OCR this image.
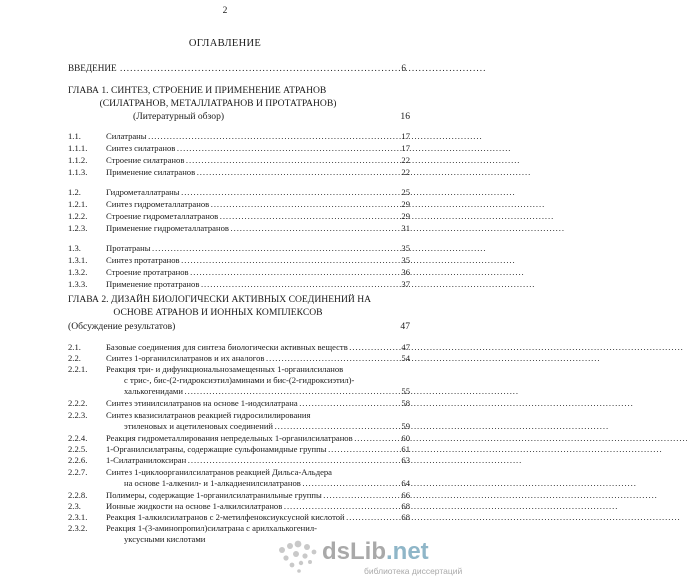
2
ОГЛАВЛЕНИЕ
ВВЕДЕНИЕ . . .	6
ГЛАВА 1. СИНТЕЗ, СТРОЕНИЕ И ПРИМЕНЕНИЕ АТРАНОВ
(СИЛАТРАНОВ, МЕТАЛЛАТРАНОВ И ПРОТАТРАНОВ)
(Литературный обзор)	16
1.1.	Силатраны . . .	17
1.1.1. Синтез силатранов . . .	17
1.1.2. Строение силатранов . . .	22
1.1.3. Применение силатранов . . .	22
1.2.	Гидрометаллатраны . . .	25
1.2.1. Синтез гидрометаллатранов . . .	29
1.2.2. Строение гидрометаллатранов . . .	29
1.2.3. Применение гидрометаллатранов . . .	31
1.3.	Протатраны . . .	35
1.3.1. Синтез протатранов . . .	35
1.3.2. Строение протатранов . . .	36
1.3.3. Применение протатранов . . .	37
ГЛАВА 2. ДИЗАЙН БИОЛОГИЧЕСКИ АКТИВНЫХ СОЕДИНЕНИЙ НА
ОСНОВЕ АТРАНОВ И ИОННЫХ КОМПЛЕКСОВ
(Обсуждение результатов)	47
2.1.	Базовые соединения для синтеза биологически активных веществ . . .	47
2.2.	Синтез 1-органилсилатранов и их аналогов . . .	54
2.2.1. Реакция три- и дифункциональнозамещенных 1-органилсиланов
с трис-, бис-(2-гидроксиэтил)аминами и бис-(2-гидроксиэтил)-
халькогенидами . . .	55
2.2.2. Синтез этинилсилатранов на основе 1-иодсилатрана . . .	58
2.2.3. Синтез квазисилатранов реакцией гидросилилирования
этиленовых и ацетиленовых соединений . . .	59
2.2.4. Реакция гидрометаллирования непредельных 1-органилсилатранов . . .	60
2.2.5. 1-Органилсилатраны, содержащие сульфонамидные группы . . .	61
2.2.6. 1-Силатранилоксиран . . .	63
2.2.7. Синтез 1-циклоорганилсилатранов реакцией Дильса-Альдера
на основе 1-алкенил- и 1-алкадиенилсилатранов . . .	64
2.2.8. Полимеры, содержащие 1-органилсилатранильные группы . . .	66
2.3.	Ионные жидкости на основе 1-алкилсилатранов . . .	68
2.3.1. Реакция 1-алкилсилатранов с 2-метилфеноксиуксусной кислотой . . .	68
2.3.2. Реакция 1-(3-аминопропил)силатрана с арилхалькогенил-
уксусными кислотами	dsLib.net
библиотека диссертаций
